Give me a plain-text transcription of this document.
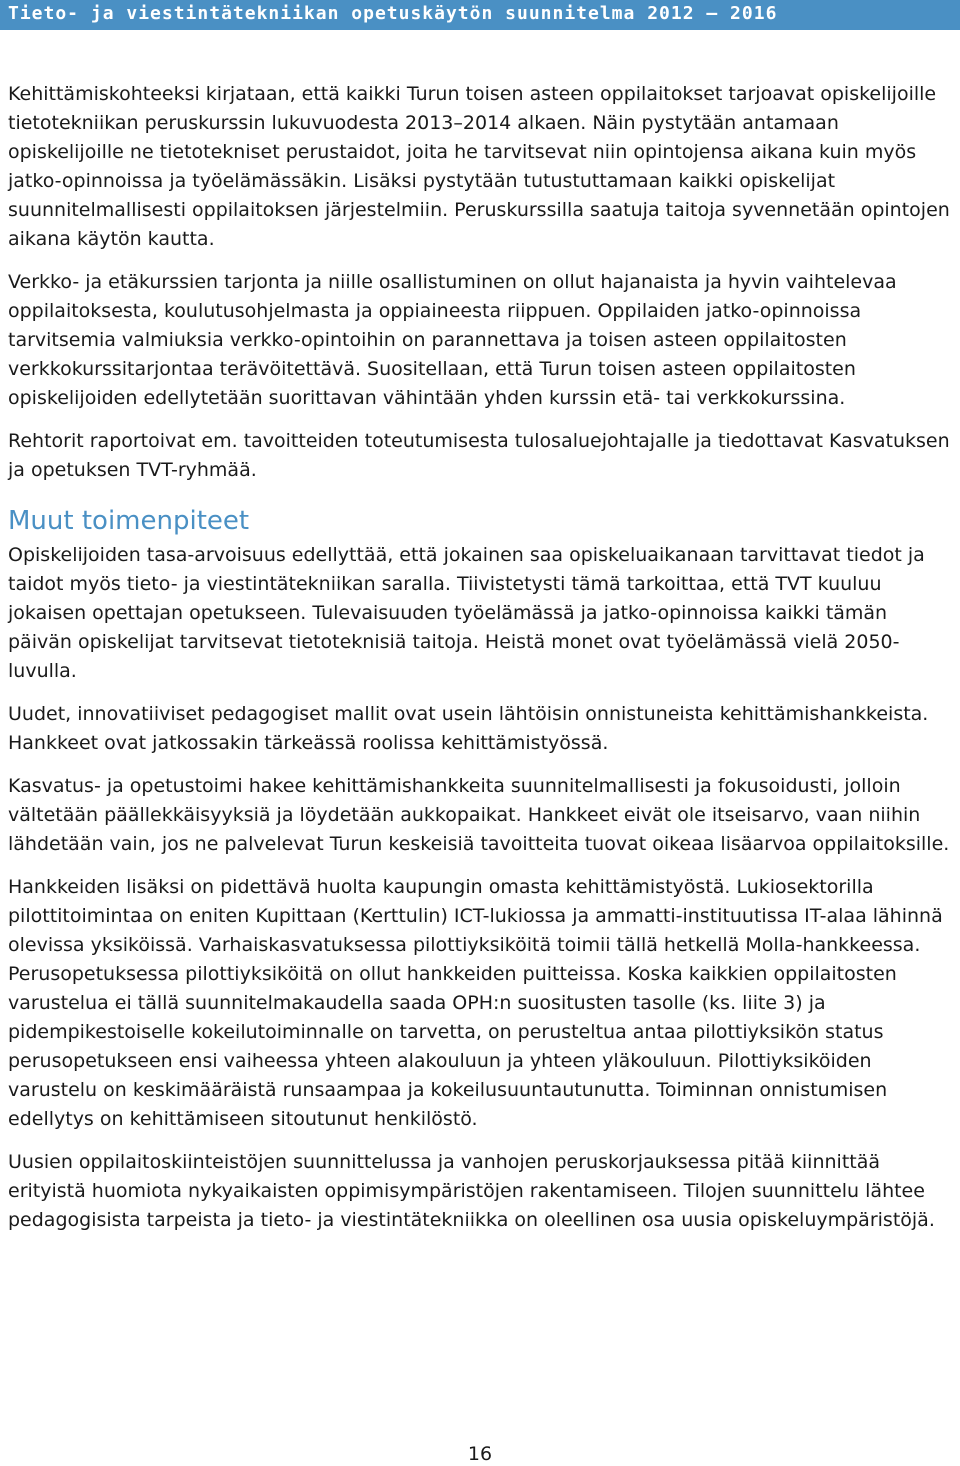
Tieto- ja viestintätekniikan opetuskäytön suunnitelma 2012 – 2016

Kehittämiskohteeksi kirjataan, että kaikki Turun toisen asteen oppilaitokset tarjoavat opiskelijoille tietotekniikan peruskurssin lukuvuodesta 2013–2014 alkaen. Näin pystytään antamaan opiskelijoille ne tietotekniset perustaidot, joita he tarvitsevat niin opintojensa aikana kuin myös jatko-opinnoissa ja työelämässäkin. Lisäksi pystytään tutustuttamaan kaikki opiskelijat suunnitelmallisesti oppilaitoksen järjestelmiin. Peruskurssilla saatuja taitoja syvennetään opintojen aikana käytön kautta.

Verkko- ja etäkurssien tarjonta ja niille osallistuminen on ollut hajanaista ja hyvin vaihtelevaa oppilaitoksesta, koulutusohjelmasta ja oppiaineesta riippuen. Oppilaiden jatko-opinnoissa tarvitsemia valmiuksia verkko-opintoihin on parannettava ja toisen asteen oppilaitosten verkkokurssitarjontaa terävöitettävä. Suositellaan, että Turun toisen asteen oppilaitosten opiskelijoiden edellytetään suorittavan vähintään yhden kurssin etä- tai verkkokurssina.

Rehtorit raportoivat em. tavoitteiden toteutumisesta tulosaluejohtajalle ja tiedottavat Kasvatuksen ja opetuksen TVT-ryhmää.

Muut toimenpiteet

Opiskelijoiden tasa-arvoisuus edellyttää, että jokainen saa opiskeluaikanaan tarvittavat tiedot ja taidot myös tieto- ja viestintätekniikan saralla. Tiivistetysti tämä tarkoittaa, että TVT kuuluu jokaisen opettajan opetukseen. Tulevaisuuden työelämässä ja jatko-opinnoissa kaikki tämän päivän opiskelijat tarvitsevat tietoteknisiä taitoja. Heistä monet ovat työelämässä vielä 2050-luvulla.

Uudet, innovatiiviset pedagogiset mallit ovat usein lähtöisin onnistuneista kehittämishankkeista. Hankkeet ovat jatkossakin tärkeässä roolissa kehittämistyössä.

Kasvatus- ja opetustoimi hakee kehittämishankkeita suunnitelmallisesti ja fokusoidusti, jolloin vältetään päällekkäisyyksiä ja löydetään aukkopaikat. Hankkeet eivät ole itseisarvo, vaan niihin lähdetään vain, jos ne palvelevat Turun keskeisiä tavoitteita tuovat oikeaa lisäarvoa oppilaitoksille.

Hankkeiden lisäksi on pidettävä huolta kaupungin omasta kehittämistyöstä. Lukiosektorilla pilottitoimintaa on eniten Kupittaan (Kerttulin) ICT-lukiossa ja ammatti-instituutissa IT-alaa lähinnä olevissa yksiköissä. Varhaiskasvatuksessa pilottiyksiköitä toimii tällä hetkellä Molla-hankkeessa. Perusopetuksessa pilottiyksiköitä on ollut hankkeiden puitteissa. Koska kaikkien oppilaitosten varustelua ei tällä suunnitelmakaudella saada OPH:n suositusten tasolle (ks. liite 3) ja pidempikestoiselle kokeilutoiminnalle on tarvetta, on perusteltua antaa pilottiyksikön status perusopetukseen ensi vaiheessa yhteen alakouluun ja yhteen yläkouluun. Pilottiyksiköiden varustelu on keskimääräistä runsaampaa ja kokeilusuuntautunutta. Toiminnan onnistumisen edellytys on kehittämiseen sitoutunut henkilöstö.

Uusien oppilaitoskiinteistöjen suunnittelussa ja vanhojen peruskorjauksessa pitää kiinnittää erityistä huomiota nykyaikaisten oppimisympäristöjen rakentamiseen. Tilojen suunnittelu lähtee pedagogisista tarpeista ja tieto- ja viestintätekniikka on oleellinen osa uusia opiskeluympäristöjä.

16
